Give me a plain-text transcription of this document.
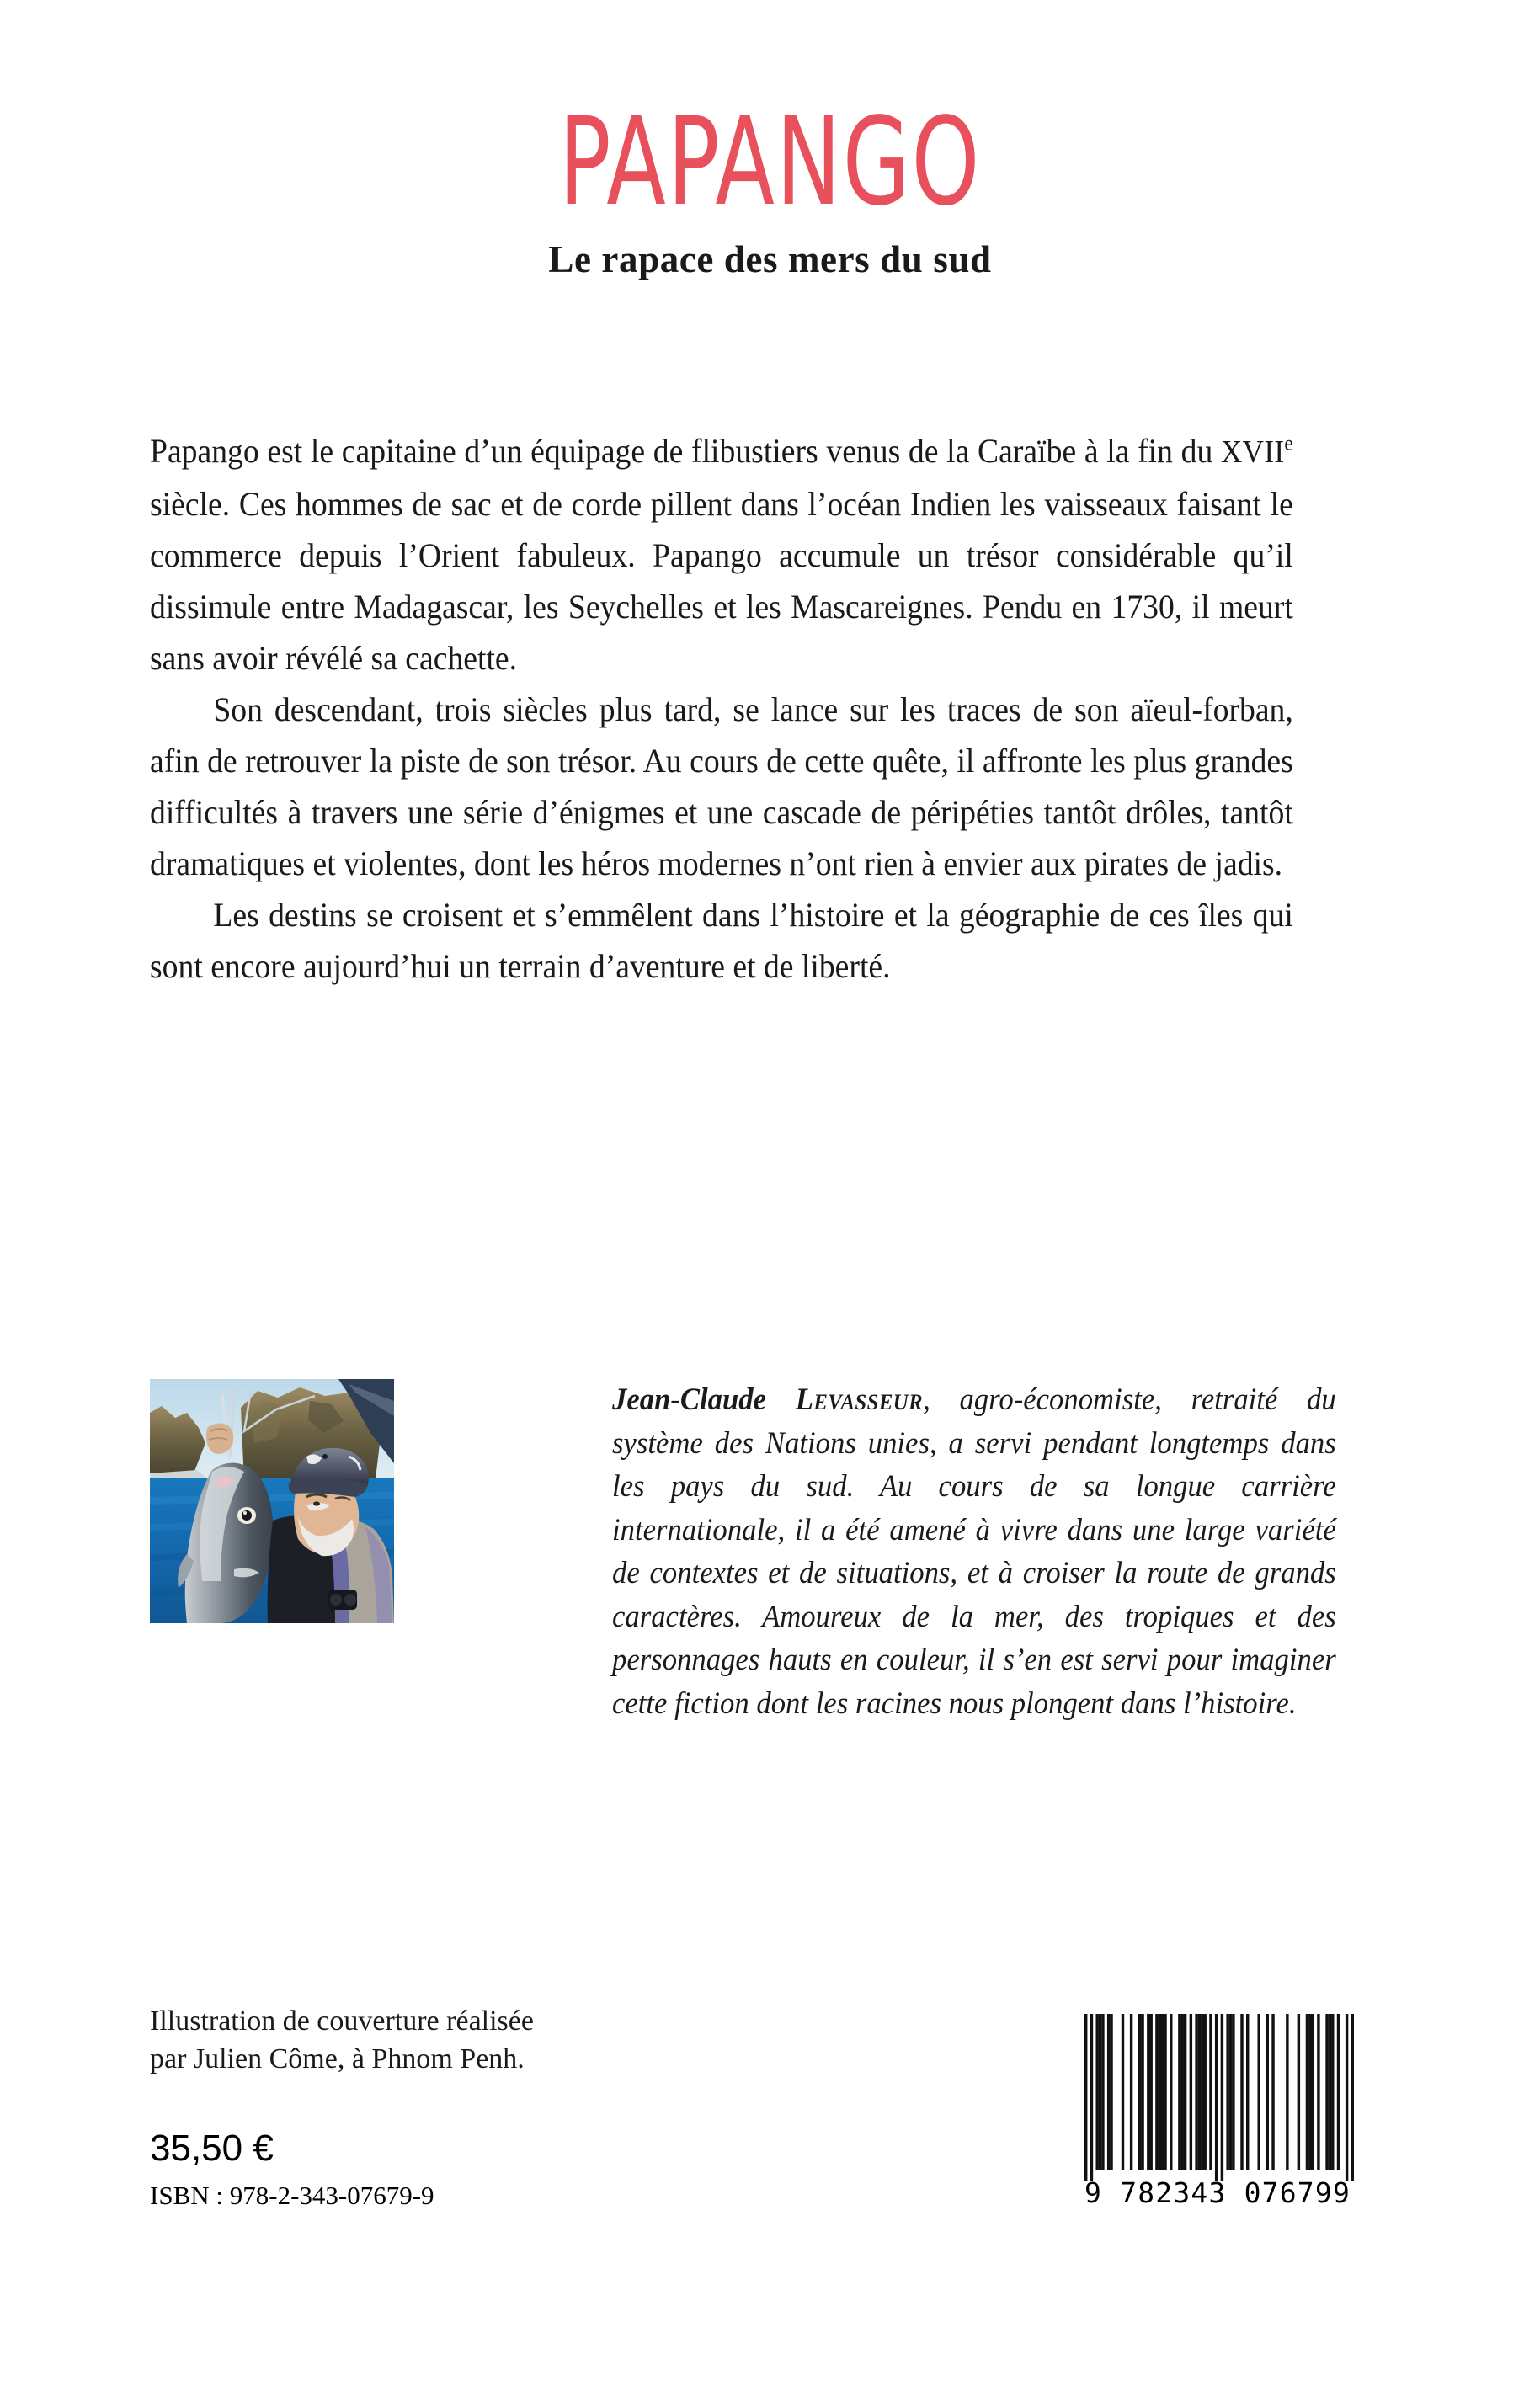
PAPANGO
Le rapace des mers du sud

Papango est le capitaine d’un équipage de flibustiers venus de la Caraïbe à la fin du XVIIe siècle. Ces hommes de sac et de corde pillent dans l’océan Indien les vaisseaux faisant le commerce depuis l’Orient fabuleux. Papango accumule un trésor considérable qu’il dissimule entre Madagascar, les Seychelles et les Mascareignes. Pendu en 1730, il meurt sans avoir révélé sa cachette.

Son descendant, trois siècles plus tard, se lance sur les traces de son aïeul-forban, afin de retrouver la piste de son trésor. Au cours de cette quête, il affronte les plus grandes difficultés à travers une série d’énigmes et une cascade de péripéties tantôt drôles, tantôt dramatiques et violentes, dont les héros modernes n’ont rien à envier aux pirates de jadis.

Les destins se croisent et s’emmêlent dans l’histoire et la géographie de ces îles qui sont encore aujourd’hui un terrain d’aventure et de liberté.

Jean-Claude Levasseur, agro-économiste, retraité du système des Nations unies, a servi pendant longtemps dans les pays du sud. Au cours de sa longue carrière internationale, il a été amené à vivre dans une large variété de contextes et de situations, et à croiser la route de grands caractères. Amoureux de la mer, des tropiques et des personnages hauts en couleur, il s’en est servi pour imaginer cette fiction dont les racines nous plongent dans l’histoire.

Illustration de couverture réalisée
par Julien Côme, à Phnom Penh.
35,50 €
ISBN : 978-2-343-07679-9	9 782343 076799
